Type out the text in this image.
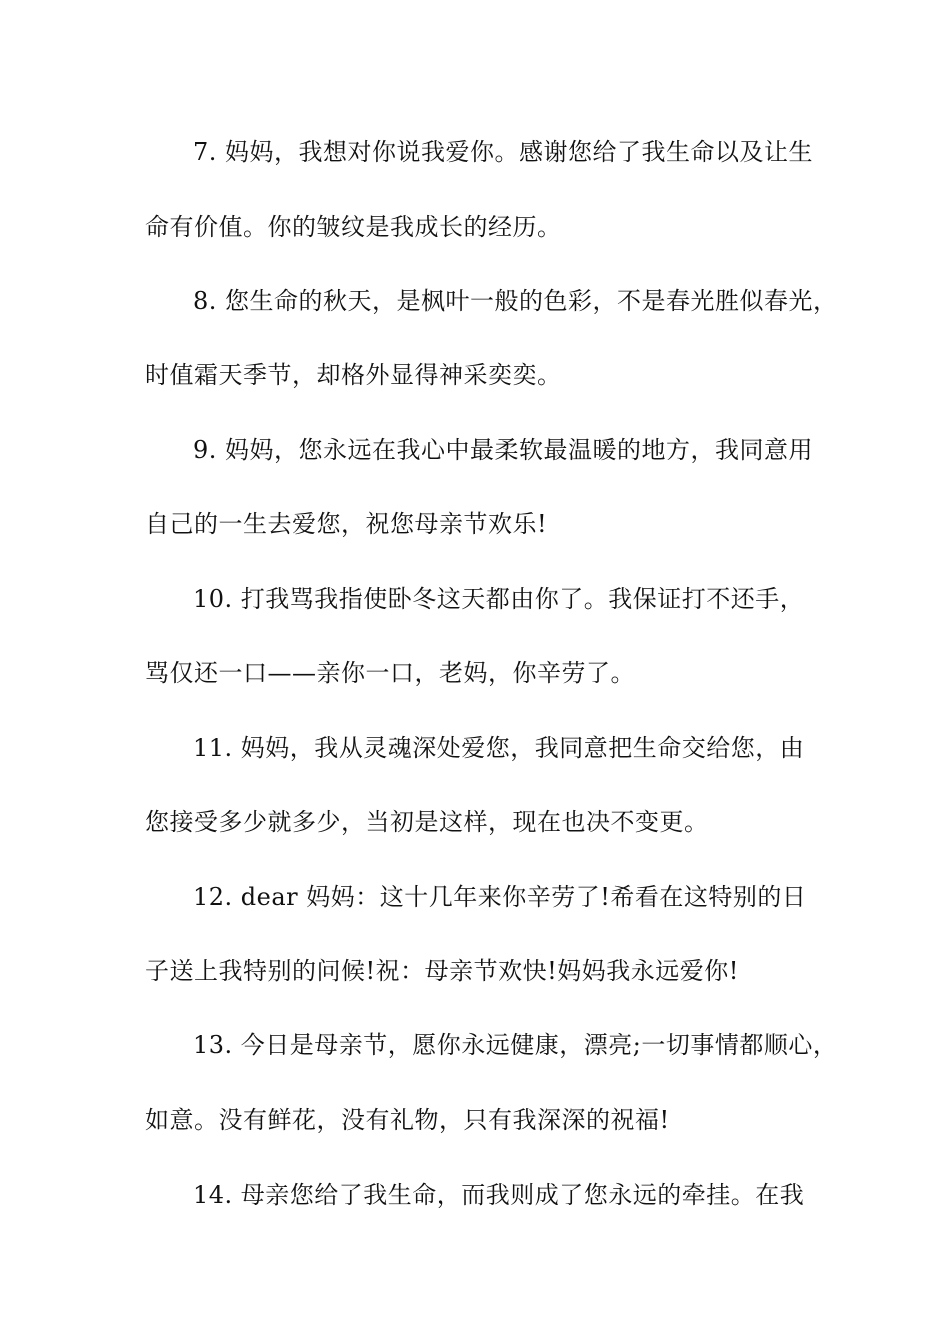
7. 妈妈，我想对你说我爱你。感谢您给了我生命以及让生
命有价值。你的皱纹是我成长的经历。
8. 您生命的秋天，是枫叶一般的色彩，不是春光胜似春光，
时值霜天季节，却格外显得神采奕奕。
9. 妈妈，您永远在我心中最柔软最温暖的地方，我同意用
自己的一生去爱您，祝您母亲节欢乐!
10. 打我骂我指使卧冬这天都由你了。我保证打不还手，
骂仅还一口——亲你一口，老妈，你辛劳了。
11. 妈妈，我从灵魂深处爱您，我同意把生命交给您，由
您接受多少就多少，当初是这样，现在也决不变更。
12. dear 妈妈：这十几年来你辛劳了!希看在这特别的日
子送上我特别的问候!祝：母亲节欢快!妈妈我永远爱你!
13. 今日是母亲节，愿你永远健康，漂亮;一切事情都顺心，
如意。没有鲜花，没有礼物，只有我深深的祝福!
14. 母亲您给了我生命，而我则成了您永远的牵挂。在我
